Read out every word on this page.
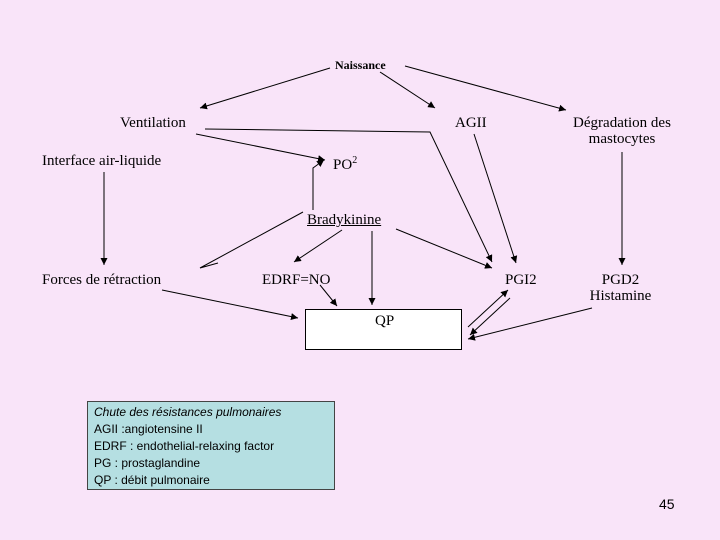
Naissance
Ventilation	AGII	Dégradation des
mastocytes
Interface air-liquide	$PO^2$
Bradykinine
Forces de rétraction	EDRF=NO	PGI2	PGD2
Histamine
QP
Chute des résistances pulmonaires
AGII :angiotensine II
EDRF : endothelial-relaxing factor
PG : prostaglandine
QP : débit pulmonaire
45
